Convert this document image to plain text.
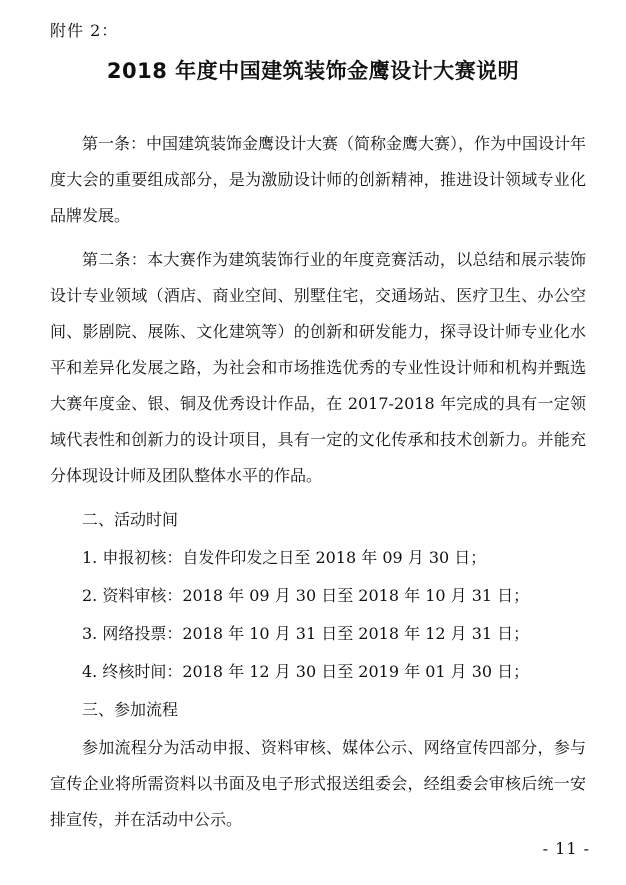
附件 2：
2018 年度中国建筑装饰金鹰设计大赛说明

第一条：中国建筑装饰金鹰设计大赛（简称金鹰大赛），作为中国设计年度大会的重要组成部分，是为激励设计师的创新精神，推进设计领域专业化品牌发展。

第二条：本大赛作为建筑装饰行业的年度竞赛活动，以总结和展示装饰设计专业领域（酒店、商业空间、别墅住宅，交通场站、医疗卫生、办公空间、影剧院、展陈、文化建筑等）的创新和研发能力，探寻设计师专业化水平和差异化发展之路，为社会和市场推选优秀的专业性设计师和机构并甄选大赛年度金、银、铜及优秀设计作品，在 2017-2018 年完成的具有一定领域代表性和创新力的设计项目，具有一定的文化传承和技术创新力。并能充分体现设计师及团队整体水平的作品。

二、活动时间

1. 申报初核：自发件印发之日至 2018 年 09 月 30 日；

2. 资料审核：2018 年 09 月 30 日至 2018 年 10 月 31 日；

3. 网络投票：2018 年 10 月 31 日至 2018 年 12 月 31 日；

4. 终核时间：2018 年 12 月 30 日至 2019 年 01 月 30 日；

三、参加流程

参加流程分为活动申报、资料审核、媒体公示、网络宣传四部分，参与宣传企业将所需资料以书面及电子形式报送组委会，经组委会审核后统一安排宣传，并在活动中公示。

- 11 -
